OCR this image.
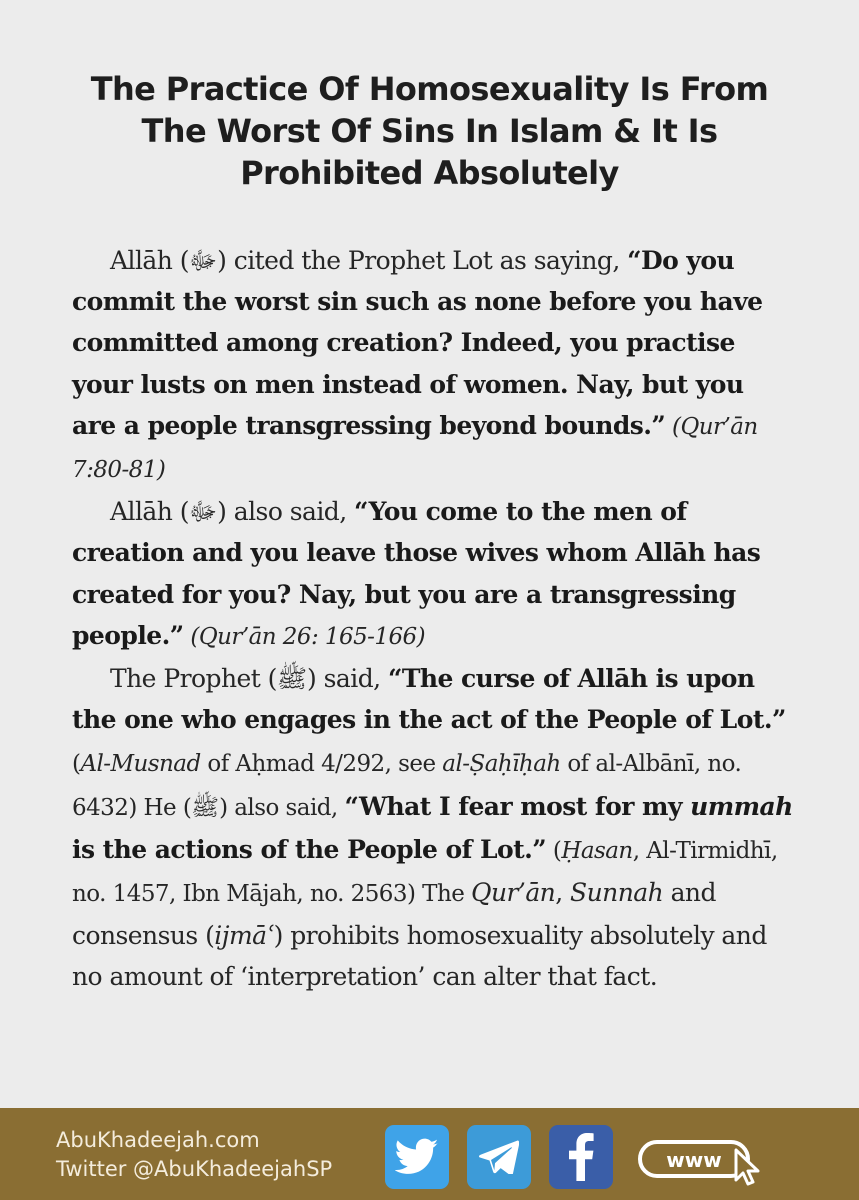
The Practice Of Homosexuality Is From
The Worst Of Sins In Islam & It Is
Prohibited Absolutely

Allāh (ﷻ) cited the Prophet Lot as saying, “Do you commit the worst sin such as none before you have committed among creation? Indeed, you practise your lusts on men instead of women. Nay, but you are a people transgressing beyond bounds.” (Qur’ān 7:80-81)

Allāh (ﷻ) also said, “You come to the men of creation and you leave those wives whom Allāh has created for you? Nay, but you are a transgressing people.” (Qur’ān 26: 165-166)

The Prophet (ﷺ) said, “The curse of Allāh is upon the one who engages in the act of the People of Lot.” (Al-Musnad of Aḥmad 4/292, see al-Ṣaḥīḥah of al-Albānī, no. 6432) He (ﷺ) also said, “What I fear most for my ummah is the actions of the People of Lot.” (Ḥasan, Al-Tirmidhī, no. 1457, Ibn Mājah, no. 2563) The Qur’ān, Sunnah and consensus (ijmāʿ) prohibits homosexuality absolutely and no amount of ‘interpretation’ can alter that fact.

AbuKhadeejah.com
Twitter @AbuKhadeejahSP	www
